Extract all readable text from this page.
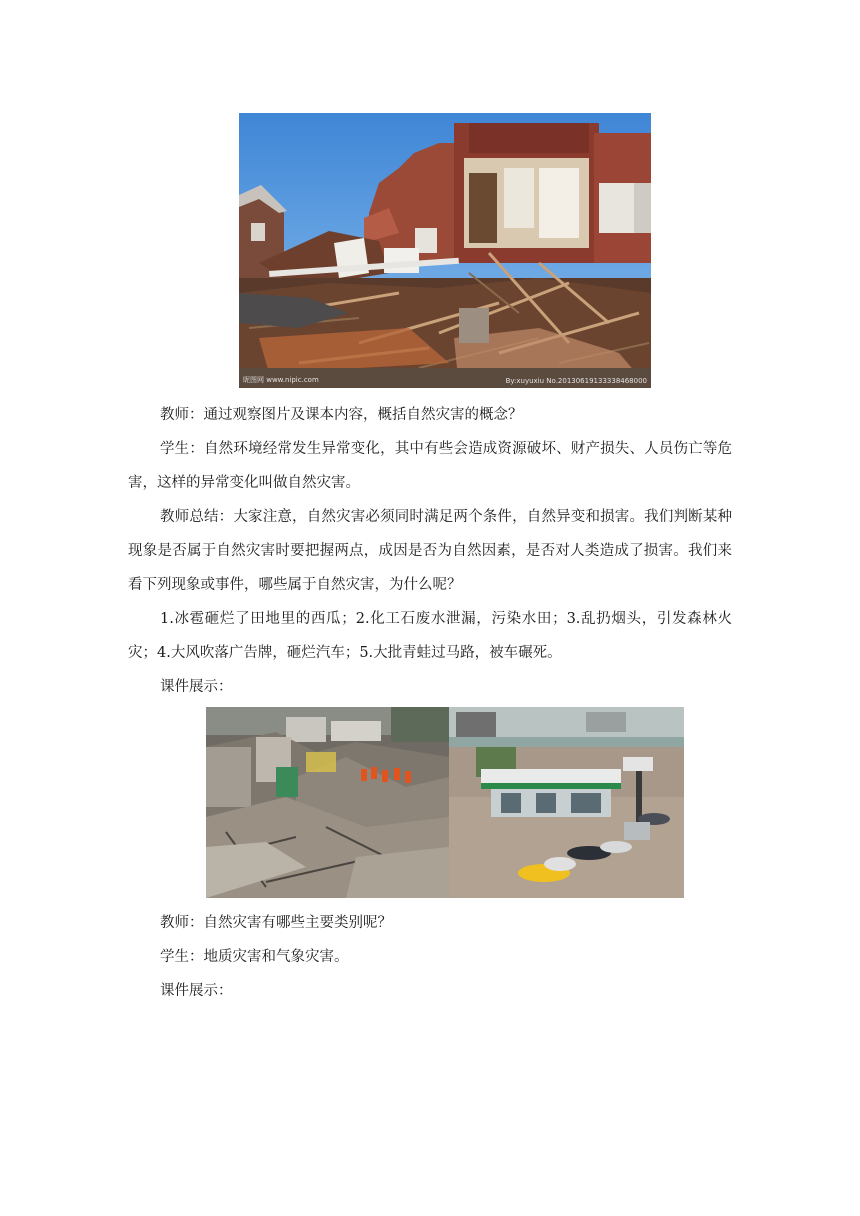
昵图网 www.nipic.com	By:xuyuxiu No.20130619133338468000

教师：通过观察图片及课本内容，概括自然灾害的概念？

学生：自然环境经常发生异常变化，其中有些会造成资源破坏、财产损失、人员伤亡等危害，这样的异常变化叫做自然灾害。

教师总结：大家注意，自然灾害必须同时满足两个条件，自然异变和损害。我们判断某种现象是否属于自然灾害时要把握两点，成因是否为自然因素，是否对人类造成了损害。我们来看下列现象或事件，哪些属于自然灾害，为什么呢？

1.冰雹砸烂了田地里的西瓜；2.化工石废水泄漏，污染水田；3.乱扔烟头，引发森林火灾；4.大风吹落广告牌，砸烂汽车；5.大批青蛙过马路，被车碾死。

课件展示：

教师：自然灾害有哪些主要类别呢？

学生：地质灾害和气象灾害。

课件展示：
